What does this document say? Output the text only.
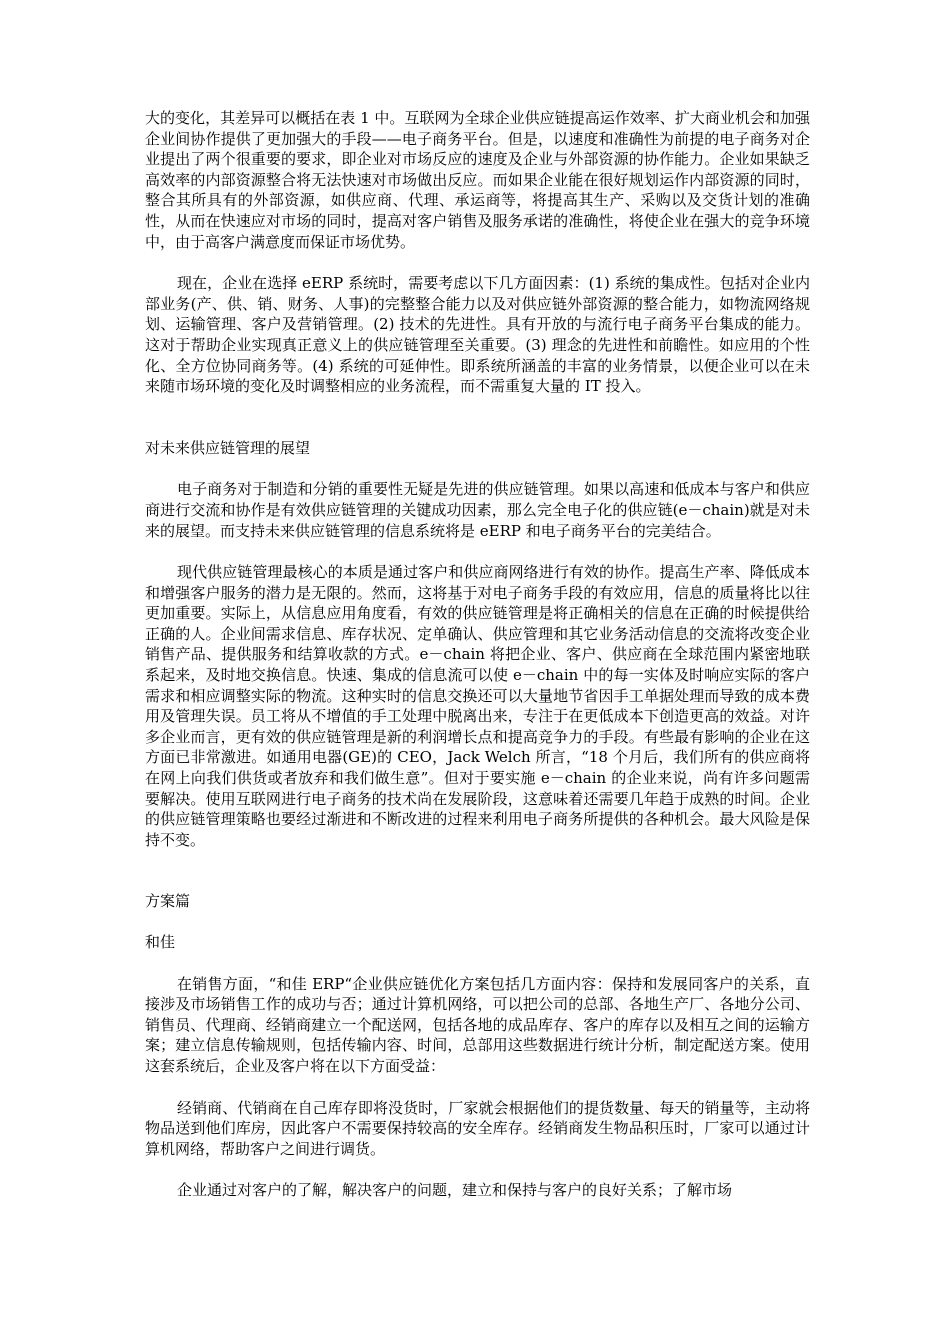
大的变化，其差异可以概括在表 1 中。互联网为全球企业供应链提高运作效率、扩大商业机会和加强企业间协作提供了更加强大的手段——电子商务平台。但是，以速度和准确性为前提的电子商务对企业提出了两个很重要的要求，即企业对市场反应的速度及企业与外部资源的协作能力。企业如果缺乏高效率的内部资源整合将无法快速对市场做出反应。而如果企业能在很好规划运作内部资源的同时，整合其所具有的外部资源，如供应商、代理、承运商等，将提高其生产、采购以及交货计划的准确性，从而在快速应对市场的同时，提高对客户销售及服务承诺的准确性，将使企业在强大的竞争环境中，由于高客户满意度而保证市场优势。

现在，企业在选择 eERP 系统时，需要考虑以下几方面因素：(1) 系统的集成性。包括对企业内部业务(产、供、销、财务、人事)的完整整合能力以及对供应链外部资源的整合能力，如物流网络规划、运输管理、客户及营销管理。(2) 技术的先进性。具有开放的与流行电子商务平台集成的能力。这对于帮助企业实现真正意义上的供应链管理至关重要。(3) 理念的先进性和前瞻性。如应用的个性化、全方位协同商务等。(4) 系统的可延伸性。即系统所涵盖的丰富的业务情景，以便企业可以在未来随市场环境的变化及时调整相应的业务流程，而不需重复大量的 IT 投入。

对未来供应链管理的展望

电子商务对于制造和分销的重要性无疑是先进的供应链管理。如果以高速和低成本与客户和供应商进行交流和协作是有效供应链管理的关键成功因素，那么完全电子化的供应链(e－chain)就是对未来的展望。而支持未来供应链管理的信息系统将是 eERP 和电子商务平台的完美结合。

现代供应链管理最核心的本质是通过客户和供应商网络进行有效的协作。提高生产率、降低成本和增强客户服务的潜力是无限的。然而，这将基于对电子商务手段的有效应用，信息的质量将比以往更加重要。实际上，从信息应用角度看，有效的供应链管理是将正确相关的信息在正确的时候提供给正确的人。企业间需求信息、库存状况、定单确认、供应管理和其它业务活动信息的交流将改变企业销售产品、提供服务和结算收款的方式。e－chain 将把企业、客户、供应商在全球范围内紧密地联系起来，及时地交换信息。快速、集成的信息流可以使 e－chain 中的每一实体及时响应实际的客户需求和相应调整实际的物流。这种实时的信息交换还可以大量地节省因手工单据处理而导致的成本费用及管理失误。员工将从不增值的手工处理中脱离出来，专注于在更低成本下创造更高的效益。对许多企业而言，更有效的供应链管理是新的利润增长点和提高竞争力的手段。有些最有影响的企业在这方面已非常激进。如通用电器(GE)的 CEO，Jack Welch 所言，“18 个月后，我们所有的供应商将在网上向我们供货或者放弃和我们做生意”。但对于要实施 e－chain 的企业来说，尚有许多问题需要解决。使用互联网进行电子商务的技术尚在发展阶段，这意味着还需要几年趋于成熟的时间。企业的供应链管理策略也要经过渐进和不断改进的过程来利用电子商务所提供的各种机会。最大风险是保持不变。

方案篇

和佳

在销售方面，“和佳 ERP“企业供应链优化方案包括几方面内容：保持和发展同客户的关系，直接涉及市场销售工作的成功与否；通过计算机网络，可以把公司的总部、各地生产厂、各地分公司、销售员、代理商、经销商建立一个配送网，包括各地的成品库存、客户的库存以及相互之间的运输方案；建立信息传输规则，包括传输内容、时间，总部用这些数据进行统计分析，制定配送方案。使用这套系统后，企业及客户将在以下方面受益：

经销商、代销商在自己库存即将没货时，厂家就会根据他们的提货数量、每天的销量等，主动将物品送到他们库房，因此客户不需要保持较高的安全库存。经销商发生物品积压时，厂家可以通过计算机网络，帮助客户之间进行调货。

企业通过对客户的了解，解决客户的问题，建立和保持与客户的良好关系；了解市场
